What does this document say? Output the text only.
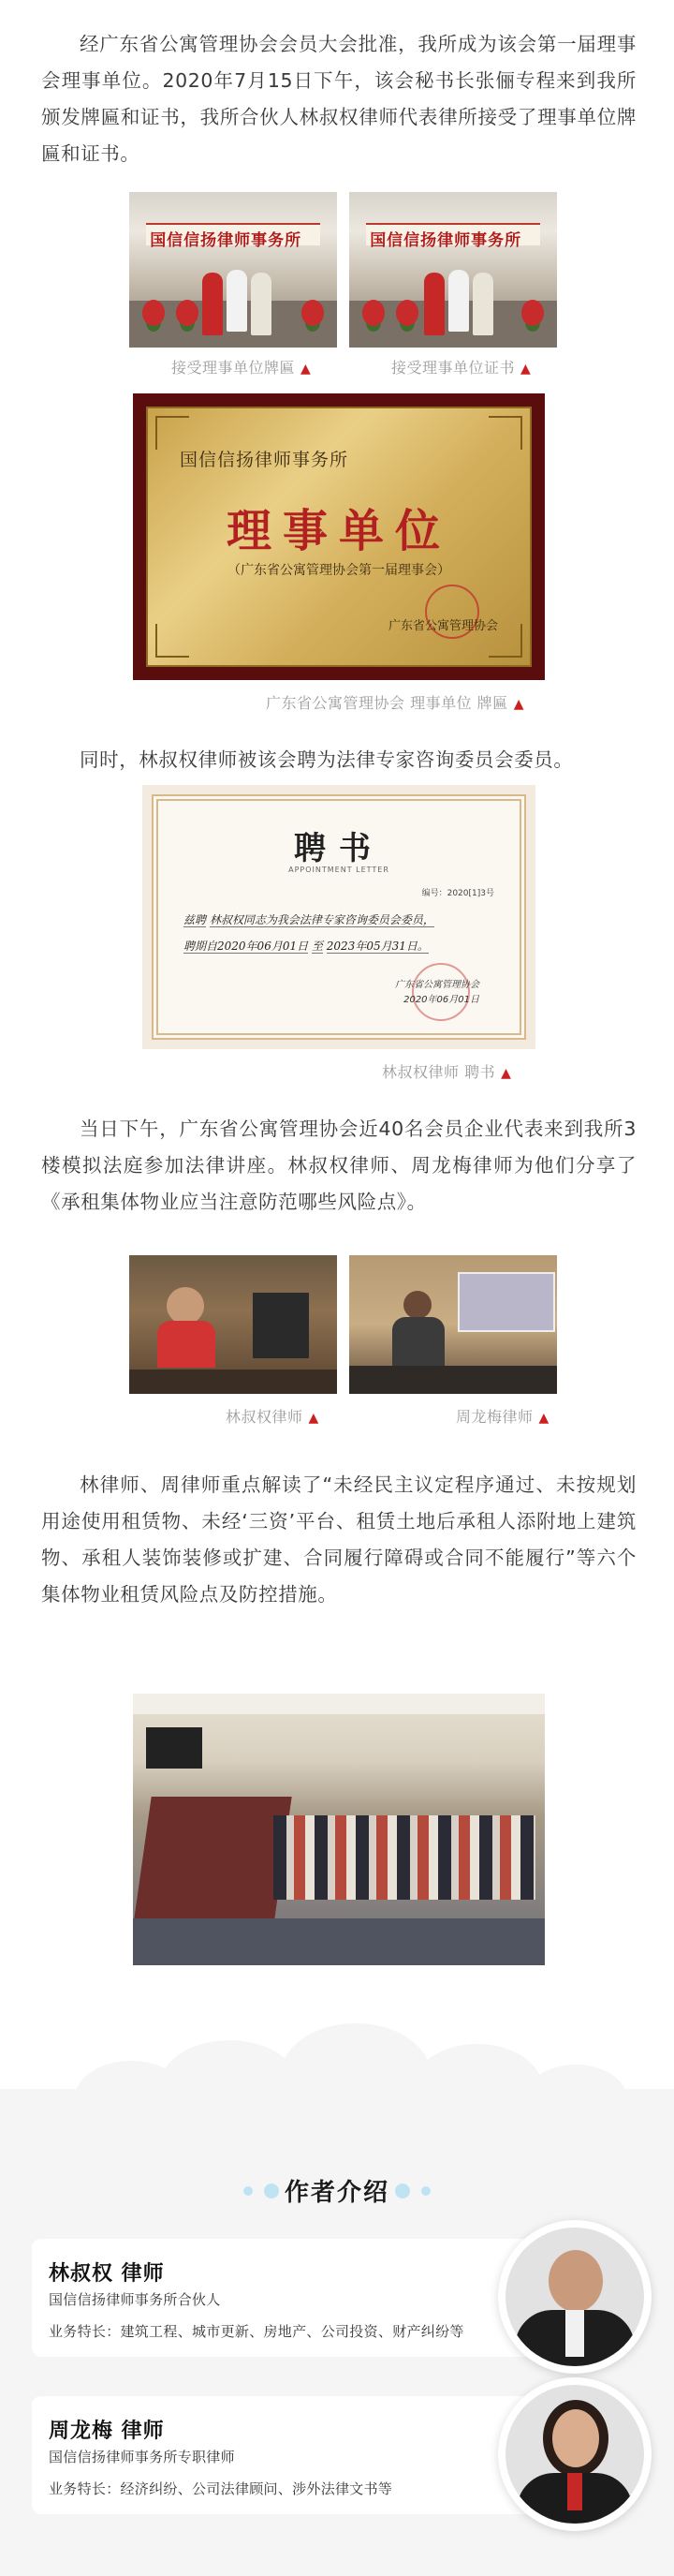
经广东省公寓管理协会会员大会批准，我所成为该会第一届理事会理事单位。2020年7月15日下午，该会秘书长张俪专程来到我所颁发牌匾和证书，我所合伙人林叔权律师代表律所接受了理事单位牌匾和证书。

国信信扬律师事务所
接受理事单位牌匾 ▲
国信信扬律师事务所
接受理事单位证书 ▲
国信信扬律师事务所
理事单位
（广东省公寓管理协会第一届理事会）
广东省公寓管理协会
广东省公寓管理协会 理事单位 牌匾 ▲

同时，林叔权律师被该会聘为法律专家咨询委员会委员。

聘书
APPOINTMENT LETTER
编号：2020[1]3号
兹聘 林叔权同志为我会法律专家咨询委员会委员，
聘期自2020年06月01日 至 2023年05月31日。
广东省公寓管理协会
2020年06月01日
林叔权律师 聘书 ▲

当日下午，广东省公寓管理协会近40名会员企业代表来到我所3楼模拟法庭参加法律讲座。林叔权律师、周龙梅律师为他们分享了《承租集体物业应当注意防范哪些风险点》。

林叔权律师 ▲	周龙梅律师 ▲

林律师、周律师重点解读了“未经民主议定程序通过、未按规划用途使用租赁物、未经‘三资’平台、租赁土地后承租人添附地上建筑物、承租人装饰装修或扩建、合同履行障碍或合同不能履行”等六个集体物业租赁风险点及防控措施。

作者介绍
林叔权 律师
国信信扬律师事务所合伙人
业务特长：建筑工程、城市更新、房地产、公司投资、财产纠纷等
周龙梅 律师
国信信扬律师事务所专职律师
业务特长：经济纠纷、公司法律顾问、涉外法律文书等
